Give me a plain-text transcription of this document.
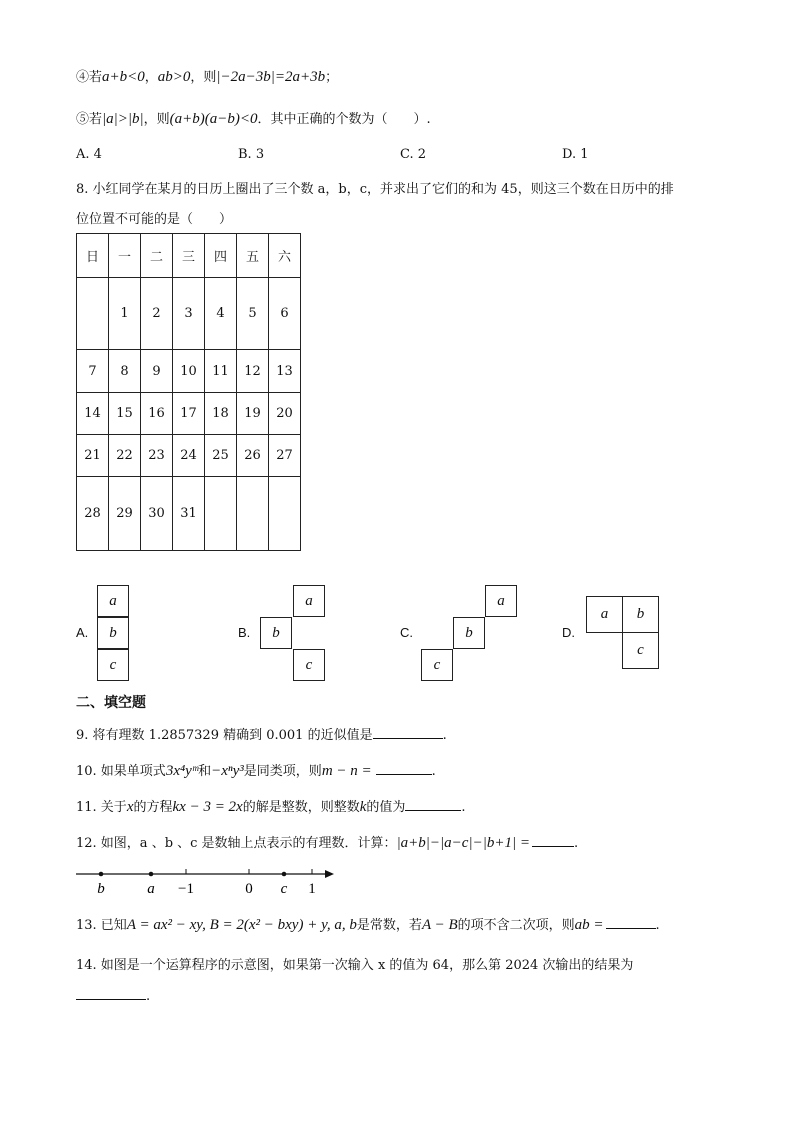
④若a+b<0，ab>0，则|−2a−3b|=2a+3b；
⑤若|a|>|b|，则(a+b)(a−b)<0．其中正确的个数为（　　）.
A. 4	B. 3	C. 2	D. 1
8. 小红同学在某月的日历上圈出了三个数 a，b，c，并求出了它们的和为 45，则这三个数在日历中的排
位位置不可能的是（　　）
日	一	二	三	四	五	六
	1	2	3	4	5	6
7	8	9	10	11	12	13
14	15	16	17	18	19	20
21	22	23	24	25	26	27
28	29	30	31			
A.
a
b
c
B.
a
b
c
C.
a
b
c
D.
a	b
c
二、填空题
9. 将有理数 1.2857329 精确到 0.001 的近似值是	.
10. 如果单项式3x⁴yᵐ和−xⁿy³是同类项，则m − n =	.
11. 关于x的方程kx − 3 = 2x的解是整数，则整数k的值为	.
12. 如图，a 、b 、c 是数轴上点表示的有理数．计算：|a+b|−|a−c|−|b+1| =	.
b	a −1	0 c 1
13. 已知A = ax² − xy, B = 2(x² − bxy) + y, a, b是常数，若A − B的项不含二次项，则ab =	.
14. 如图是一个运算程序的示意图，如果第一次输入 x 的值为 64，那么第 2024 次输出的结果为
.
